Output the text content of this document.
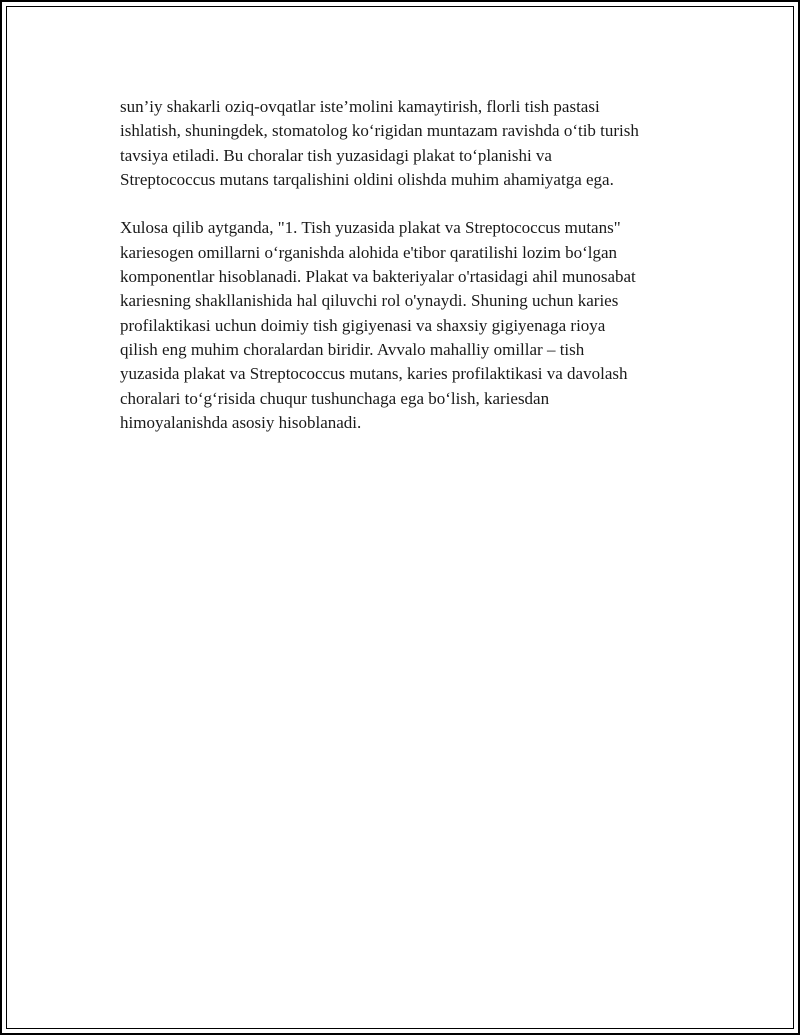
sun’iy shakarli oziq-ovqatlar iste’molini kamaytirish, florli tish pastasi

ishlatish, shuningdek, stomatolog ko‘rigidan muntazam ravishda o‘tib turish

tavsiya etiladi. Bu choralar tish yuzasidagi plakat to‘planishi va

Streptococcus mutans tarqalishini oldini olishda muhim ahamiyatga ega.

Xulosa qilib aytganda, "1. Tish yuzasida plakat va Streptococcus mutans"

kariesogen omillarni o‘rganishda alohida e'tibor qaratilishi lozim bo‘lgan

komponentlar hisoblanadi. Plakat va bakteriyalar o'rtasidagi ahil munosabat

kariesning shakllanishida hal qiluvchi rol o'ynaydi. Shuning uchun karies

profilaktikasi uchun doimiy tish gigiyenasi va shaxsiy gigiyenaga rioya

qilish eng muhim choralardan biridir. Avvalo mahalliy omillar – tish

yuzasida plakat va Streptococcus mutans, karies profilaktikasi va davolash

choralari to‘g‘risida chuqur tushunchaga ega bo‘lish, kariesdan

himoyalanishda asosiy hisoblanadi.
